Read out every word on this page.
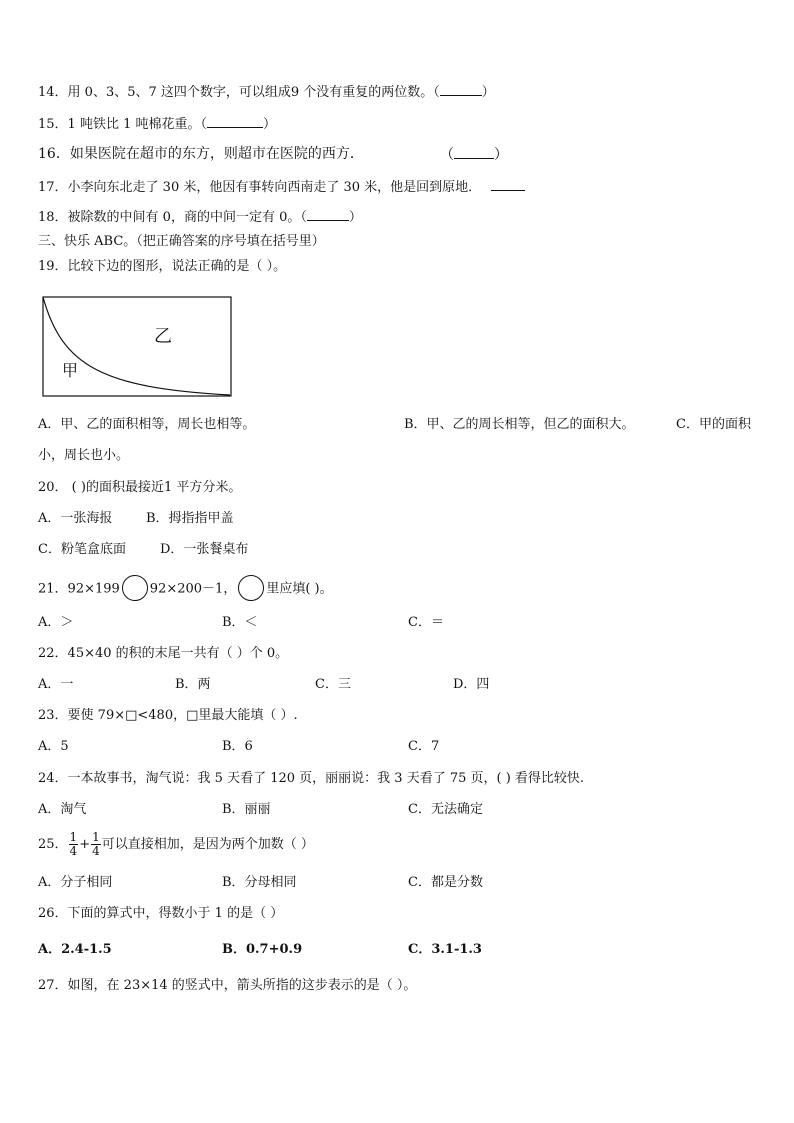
14．用 0、3、5、7 这四个数字，可以组成9 个没有重复的两位数。（	）
15．1 吨铁比 1 吨棉花重。（	）
16．如果医院在超市的东方，则超市在医院的西方．	（	）
17．小李向东北走了 30 米，他因有事转向西南走了 30 米，他是回到原地．
18．被除数的中间有 0，商的中间一定有 0。（	）
三、快乐 ABC。（把正确答案的序号填在括号里）
19．比较下边的图形，说法正确的是（ ）。
甲
乙
A．甲、乙的面积相等，周长也相等。	B．甲、乙的周长相等，但乙的面积大。	C．甲的面积
小，周长也小。
20． ( )的面积最接近1 平方分米。
A．一张海报	B．拇指指甲盖
C．粉笔盒底面	D．一张餐桌布
21．92×199 92×200－1， 里应填( )。
A．＞	B．＜	C．＝
22．45×40 的积的末尾一共有（ ）个 0。
A．一	B．两	C．三	D．四
23．要使 79×□<480，□里最大能填（ ）.
A．5	B．6	C．7
24．一本故事书，淘气说：我 5 天看了 120 页，丽丽说：我 3 天看了 75 页，( ) 看得比较快.
A．淘气	B．丽丽	C．无法确定
25． $\frac{1}{4} + \frac{1}{4}$ 可以直接相加，是因为两个加数（ ）
A．分子相同	B．分母相同	C．都是分数
26．下面的算式中，得数小于 1 的是（ ）
A．2.4-1.5	B．0.7+0.9	C．3.1-1.3
27．如图，在 23×14 的竖式中，箭头所指的这步表示的是（ ）。
